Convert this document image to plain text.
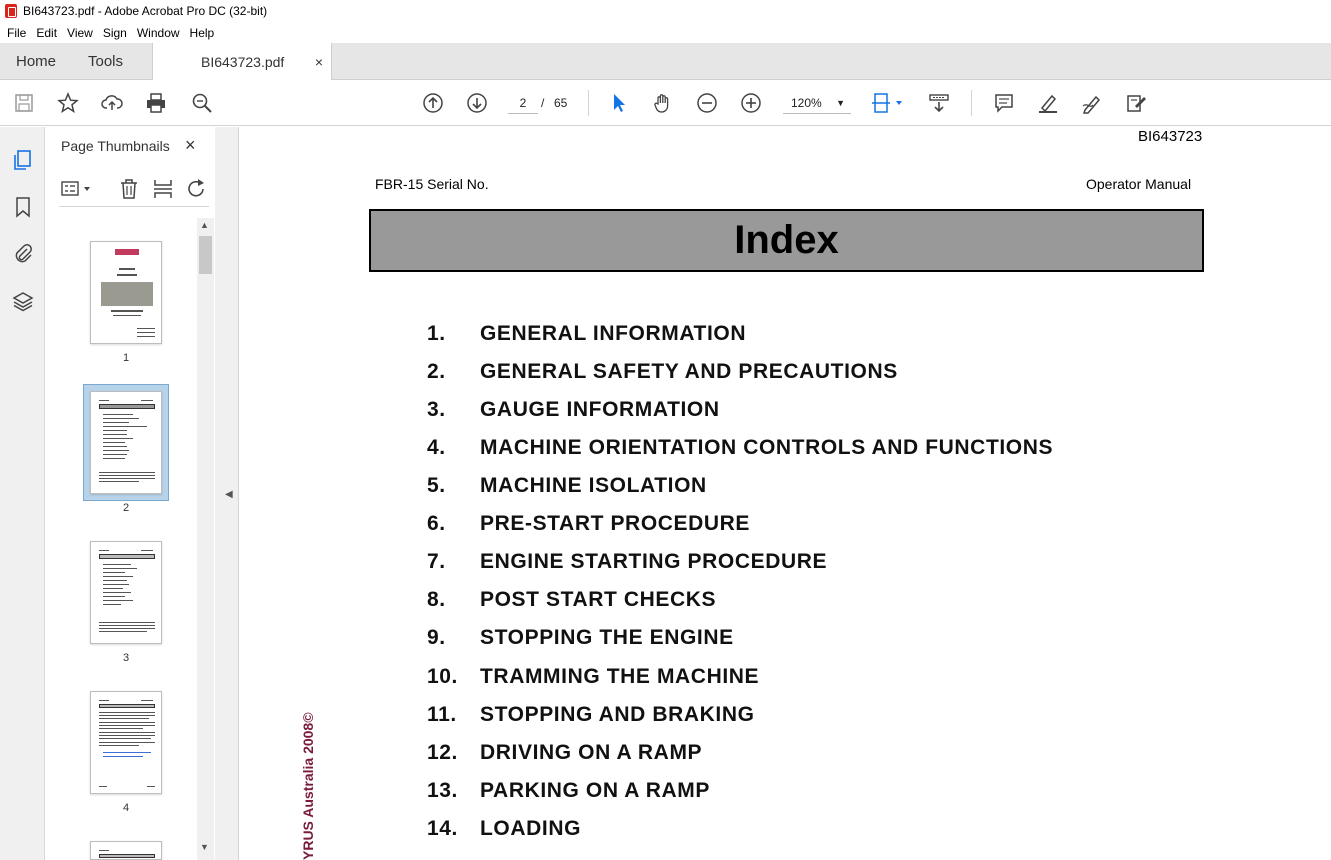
BI643723.pdf - Adobe Acrobat Pro DC (32-bit)
File Edit View Sign Window Help
Home Tools	BI643723.pdf ×
2	/ 65	120% ▼
Page Thumbnails ×
1
2
3
4
▲
▼
◀
BI643723
FBR-15 Serial No.	Operator Manual
Index
1. GENERAL INFORMATION
2. GENERAL SAFETY AND PRECAUTIONS
3. GAUGE INFORMATION
4. MACHINE ORIENTATION CONTROLS AND FUNCTIONS
5. MACHINE ISOLATION
6. PRE-START PROCEDURE
7. ENGINE STARTING PROCEDURE
8. POST START CHECKS
9. STOPPING THE ENGINE
10. TRAMMING THE MACHINE
11. STOPPING AND BRAKING
12. DRIVING ON A RAMP
13. PARKING ON A RAMP
14. LOADING
YRUS Australia 2008©
